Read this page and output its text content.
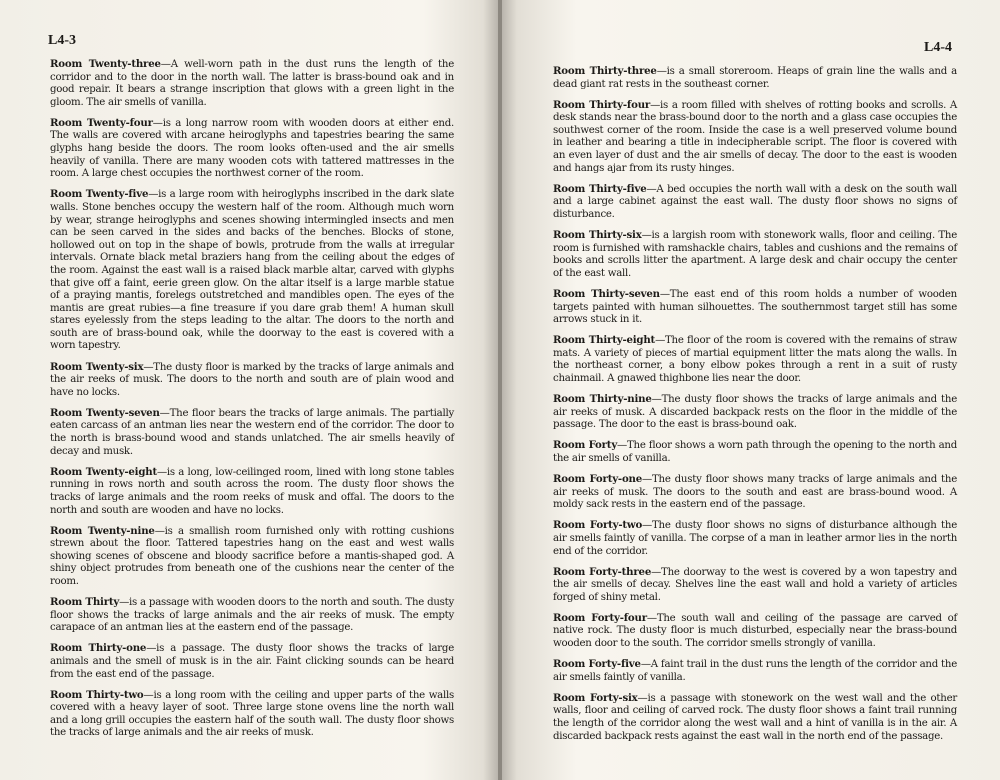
L4-3

Room Twenty-three—A well-worn path in the dust runs the length of the corridor and to the door in the north wall. The latter is brass-bound oak and in good repair. It bears a strange inscription that glows with a green light in the gloom. The air smells of vanilla.

Room Twenty-four—is a long narrow room with wooden doors at either end. The walls are covered with arcane heiroglyphs and tapestries bearing the same glyphs hang beside the doors. The room looks often-used and the air smells heavily of vanilla. There are many wooden cots with tattered mattresses in the room. A large chest occupies the northwest corner of the room.

Room Twenty-five—is a large room with heiroglyphs inscribed in the dark slate walls. Stone benches occupy the western half of the room. Although much worn by wear, strange heiroglyphs and scenes showing intermingled insects and men can be seen carved in the sides and backs of the benches. Blocks of stone, hollowed out on top in the shape of bowls, protrude from the walls at irregular intervals. Ornate black metal braziers hang from the ceiling about the edges of the room. Against the east wall is a raised black marble altar, carved with glyphs that give off a faint, eerie green glow. On the altar itself is a large marble statue of a praying mantis, forelegs outstretched and mandibles open. The eyes of the mantis are great rubies—a fine treasure if you dare grab them! A human skull stares eyelessly from the steps leading to the altar. The doors to the north and south are of brass-bound oak, while the doorway to the east is covered with a worn tapestry.

Room Twenty-six—The dusty floor is marked by the tracks of large animals and the air reeks of musk. The doors to the north and south are of plain wood and have no locks.

Room Twenty-seven—The floor bears the tracks of large animals. The partially eaten carcass of an antman lies near the western end of the corridor. The door to the north is brass-bound wood and stands unlatched. The air smells heavily of decay and musk.

Room Twenty-eight—is a long, low-ceilinged room, lined with long stone tables running in rows north and south across the room. The dusty floor shows the tracks of large animals and the room reeks of musk and offal. The doors to the north and south are wooden and have no locks.

Room Twenty-nine—is a smallish room furnished only with rotting cushions strewn about the floor. Tattered tapestries hang on the east and west walls showing scenes of obscene and bloody sacrifice before a mantis-shaped god. A shiny object protrudes from beneath one of the cushions near the center of the room.

Room Thirty—is a passage with wooden doors to the north and south. The dusty floor shows the tracks of large animals and the air reeks of musk. The empty carapace of an antman lies at the eastern end of the passage.

Room Thirty-one—is a passage. The dusty floor shows the tracks of large animals and the smell of musk is in the air. Faint clicking sounds can be heard from the east end of the passage.

Room Thirty-two—is a long room with the ceiling and upper parts of the walls covered with a heavy layer of soot. Three large stone ovens line the north wall and a long grill occupies the eastern half of the south wall. The dusty floor shows the tracks of large animals and the air reeks of musk.

L4-4

Room Thirty-three—is a small storeroom. Heaps of grain line the walls and a dead giant rat rests in the southeast corner.

Room Thirty-four—is a room filled with shelves of rotting books and scrolls. A desk stands near the brass-bound door to the north and a glass case occupies the southwest corner of the room. Inside the case is a well preserved volume bound in leather and bearing a title in indecipherable script. The floor is covered with an even layer of dust and the air smells of decay. The door to the east is wooden and hangs ajar from its rusty hinges.

Room Thirty-five—A bed occupies the north wall with a desk on the south wall and a large cabinet against the east wall. The dusty floor shows no signs of disturbance.

Room Thirty-six—is a largish room with stonework walls, floor and ceiling. The room is furnished with ramshackle chairs, tables and cushions and the remains of books and scrolls litter the apartment. A large desk and chair occupy the center of the east wall.

Room Thirty-seven—The east end of this room holds a number of wooden targets painted with human silhouettes. The southernmost target still has some arrows stuck in it.

Room Thirty-eight—The floor of the room is covered with the remains of straw mats. A variety of pieces of martial equipment litter the mats along the walls. In the northeast corner, a bony elbow pokes through a rent in a suit of rusty chainmail. A gnawed thighbone lies near the door.

Room Thirty-nine—The dusty floor shows the tracks of large animals and the air reeks of musk. A discarded backpack rests on the floor in the middle of the passage. The door to the east is brass-bound oak.

Room Forty—The floor shows a worn path through the opening to the north and the air smells of vanilla.

Room Forty-one—The dusty floor shows many tracks of large animals and the air reeks of musk. The doors to the south and east are brass-bound wood. A moldy sack rests in the eastern end of the passage.

Room Forty-two—The dusty floor shows no signs of disturbance although the air smells faintly of vanilla. The corpse of a man in leather armor lies in the north end of the corridor.

Room Forty-three—The doorway to the west is covered by a won tapestry and the air smells of decay. Shelves line the east wall and hold a variety of articles forged of shiny metal.

Room Forty-four—The south wall and ceiling of the passage are carved of native rock. The dusty floor is much disturbed, especially near the brass-bound wooden door to the south. The corridor smells strongly of vanilla.

Room Forty-five—A faint trail in the dust runs the length of the corridor and the air smells faintly of vanilla.

Room Forty-six—is a passage with stonework on the west wall and the other walls, floor and ceiling of carved rock. The dusty floor shows a faint trail running the length of the corridor along the west wall and a hint of vanilla is in the air. A discarded backpack rests against the east wall in the north end of the passage.
